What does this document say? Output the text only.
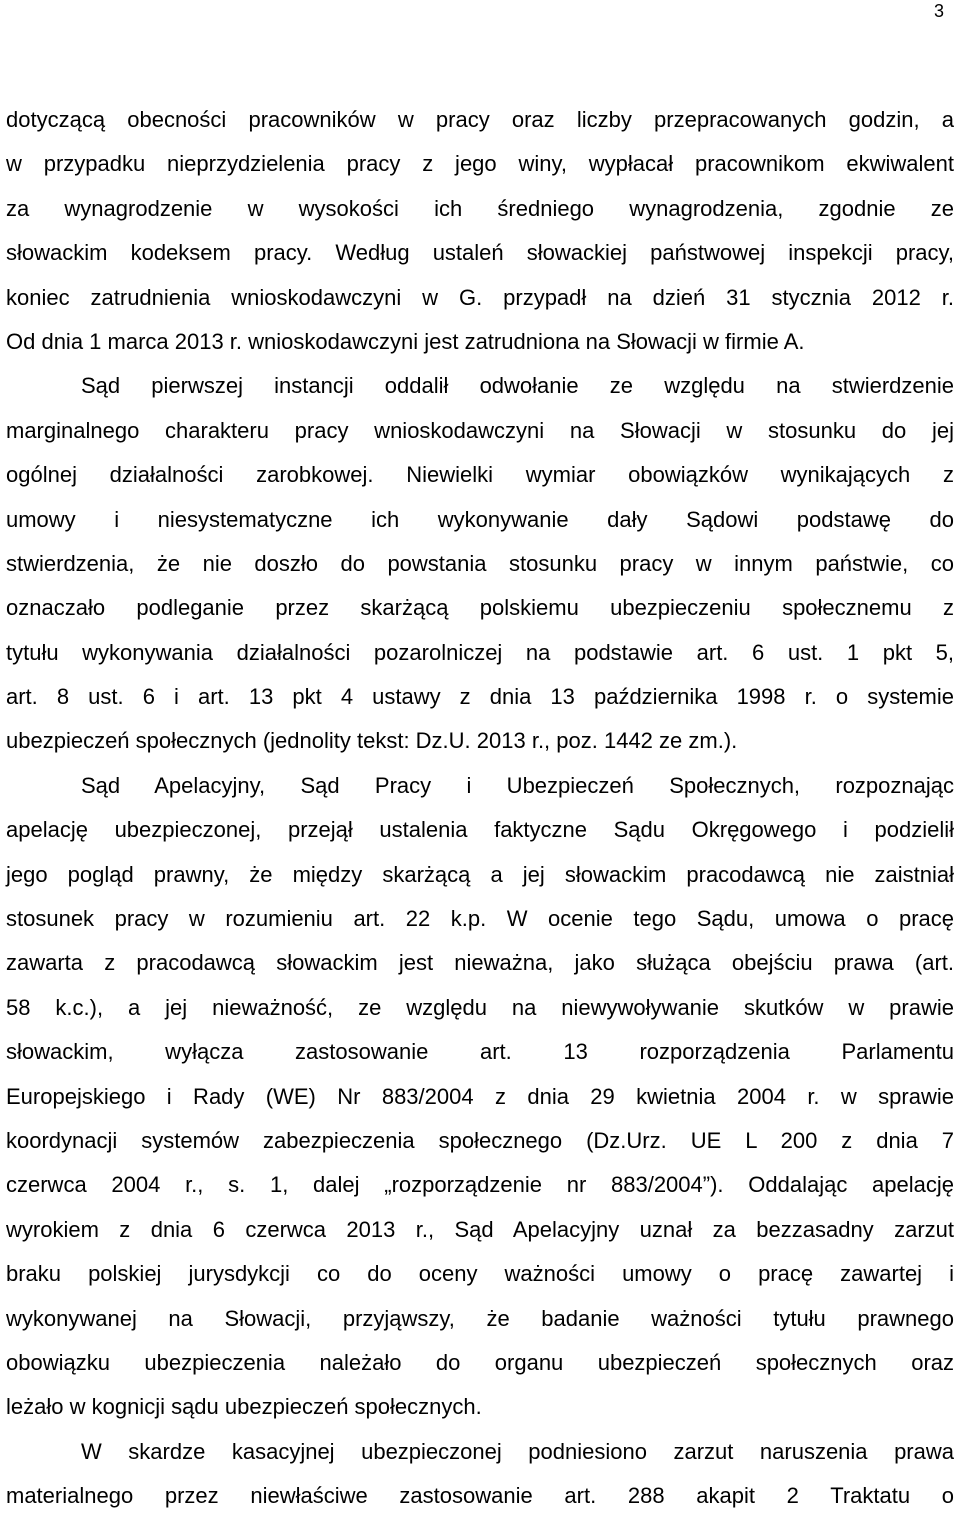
3
dotyczącą obecności pracowników w pracy oraz liczby przepracowanych godzin, a
w przypadku nieprzydzielenia pracy z jego winy, wypłacał pracownikom ekwiwalent
za wynagrodzenie w wysokości ich średniego wynagrodzenia, zgodnie ze
słowackim kodeksem pracy. Według ustaleń słowackiej państwowej inspekcji pracy,
koniec zatrudnienia wnioskodawczyni w G. przypadł na dzień 31 stycznia 2012 r.
Od dnia 1 marca 2013 r. wnioskodawczyni jest zatrudniona na Słowacji w firmie A.
Sąd pierwszej instancji oddalił odwołanie ze względu na stwierdzenie
marginalnego charakteru pracy wnioskodawczyni na Słowacji w stosunku do jej
ogólnej działalności zarobkowej. Niewielki wymiar obowiązków wynikających z
umowy i niesystematyczne ich wykonywanie dały Sądowi podstawę do
stwierdzenia, że nie doszło do powstania stosunku pracy w innym państwie, co
oznaczało podleganie przez skarżącą polskiemu ubezpieczeniu społecznemu z
tytułu wykonywania działalności pozarolniczej na podstawie art. 6 ust. 1 pkt 5,
art. 8 ust. 6 i art. 13 pkt 4 ustawy z dnia 13 października 1998 r. o systemie
ubezpieczeń społecznych (jednolity tekst: Dz.U. 2013 r., poz. 1442 ze zm.).
Sąd Apelacyjny, Sąd Pracy i Ubezpieczeń Społecznych, rozpoznając
apelację ubezpieczonej, przejął ustalenia faktyczne Sądu Okręgowego i podzielił
jego pogląd prawny, że między skarżącą a jej słowackim pracodawcą nie zaistniał
stosunek pracy w rozumieniu art. 22 k.p. W ocenie tego Sądu, umowa o pracę
zawarta z pracodawcą słowackim jest nieważna, jako służąca obejściu prawa (art.
58 k.c.), a jej nieważność, ze względu na niewywoływanie skutków w prawie
słowackim, wyłącza zastosowanie art. 13 rozporządzenia Parlamentu
Europejskiego i Rady (WE) Nr 883/2004 z dnia 29 kwietnia 2004 r. w sprawie
koordynacji systemów zabezpieczenia społecznego (Dz.Urz. UE L 200 z dnia 7
czerwca 2004 r., s. 1, dalej „rozporządzenie nr 883/2004”). Oddalając apelację
wyrokiem z dnia 6 czerwca 2013 r., Sąd Apelacyjny uznał za bezzasadny zarzut
braku polskiej jurysdykcji co do oceny ważności umowy o pracę zawartej i
wykonywanej na Słowacji, przyjąwszy, że badanie ważności tytułu prawnego
obowiązku ubezpieczenia należało do organu ubezpieczeń społecznych oraz
leżało w kognicji sądu ubezpieczeń społecznych.
W skardze kasacyjnej ubezpieczonej podniesiono zarzut naruszenia prawa
materialnego przez niewłaściwe zastosowanie art. 288 akapit 2 Traktatu o
